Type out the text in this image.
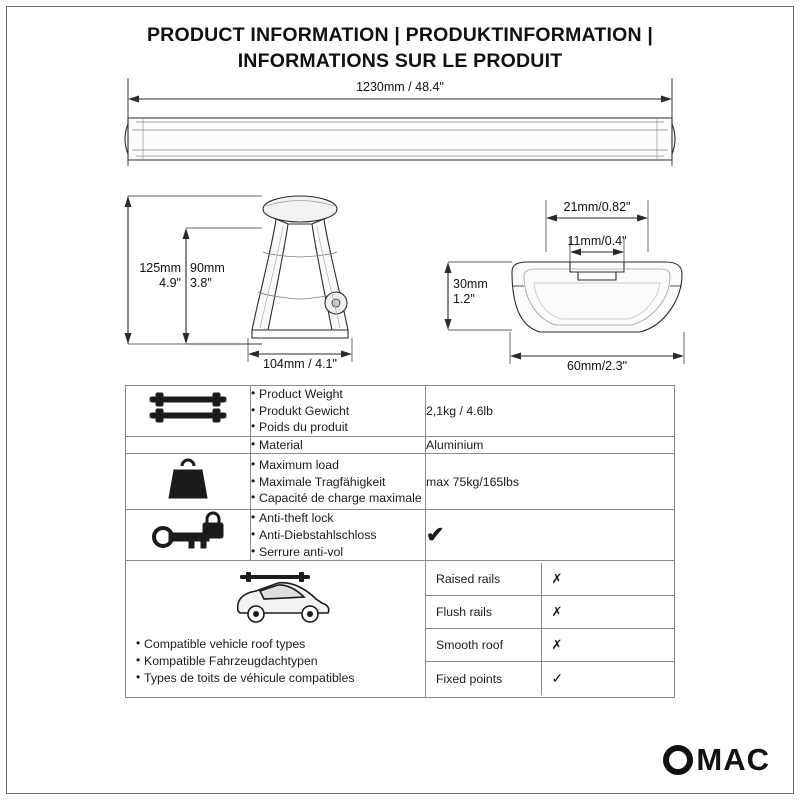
PRODUCT INFORMATION | PRODUKTINFORMATION |
INFORMATIONS SUR LE PRODUIT
1230mm / 48.4"
125mm
4.9"
90mm
3.8"
104mm / 4.1"
21mm/0.82"
11mm/0.4"
30mm
1.2"
60mm/2.3"

• Product Weight
• Produkt Gewicht
• Poids du produit
	2,1kg / 4.6lb

• Material	Aluminium

• Maximum load
• Maximale Tragfähigkeit
• Capacité de charge maximale
	max 75kg/165lbs

• Anti-theft lock
• Anti-Diebstahlschloss
• Serrure anti-vol
	✔

• Compatible vehicle roof types
• Kompatible Fahrzeugdachtypen
• Types de toits de véhicule compatibles

Raised rails	✗
Flush rails	✗
Smooth roof	✗
Fixed points	✓
MAC
